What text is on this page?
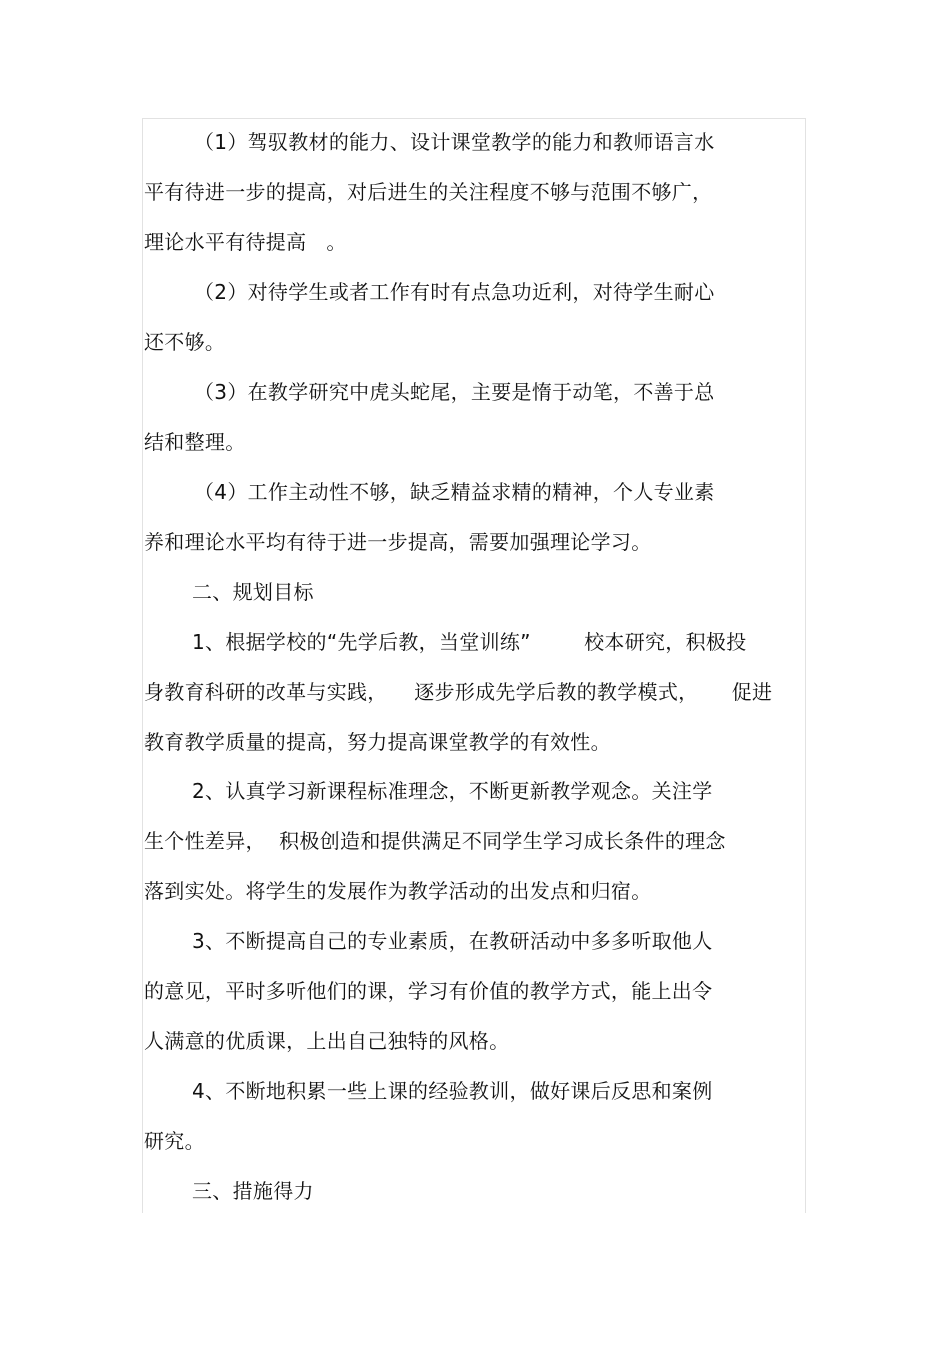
（1）驾驭教材的能力、设计课堂教学的能力和教师语言水
平有待进一步的提高，对后进生的关注程度不够与范围不够广，
理论水平有待提高   。
（2）对待学生或者工作有时有点急功近利，对待学生耐心
还不够。
（3）在教学研究中虎头蛇尾，主要是惰于动笔，不善于总
结和整理。
（4）工作主动性不够，缺乏精益求精的精神，个人专业素
养和理论水平均有待于进一步提高，需要加强理论学习。
二、规划目标
1、根据学校的“先学后教，当堂训练”        校本研究，积极投
身教育科研的改革与实践，    逐步形成先学后教的教学模式，     促进
教育教学质量的提高，努力提高课堂教学的有效性。
2、认真学习新课程标准理念，不断更新教学观念。关注学
生个性差异，  积极创造和提供满足不同学生学习成长条件的理念
落到实处。将学生的发展作为教学活动的出发点和归宿。
3、不断提高自己的专业素质，在教研活动中多多听取他人
的意见，平时多听他们的课，学习有价值的教学方式，能上出令
人满意的优质课，上出自己独特的风格。
4、不断地积累一些上课的经验教训，做好课后反思和案例
研究。
三、措施得力
